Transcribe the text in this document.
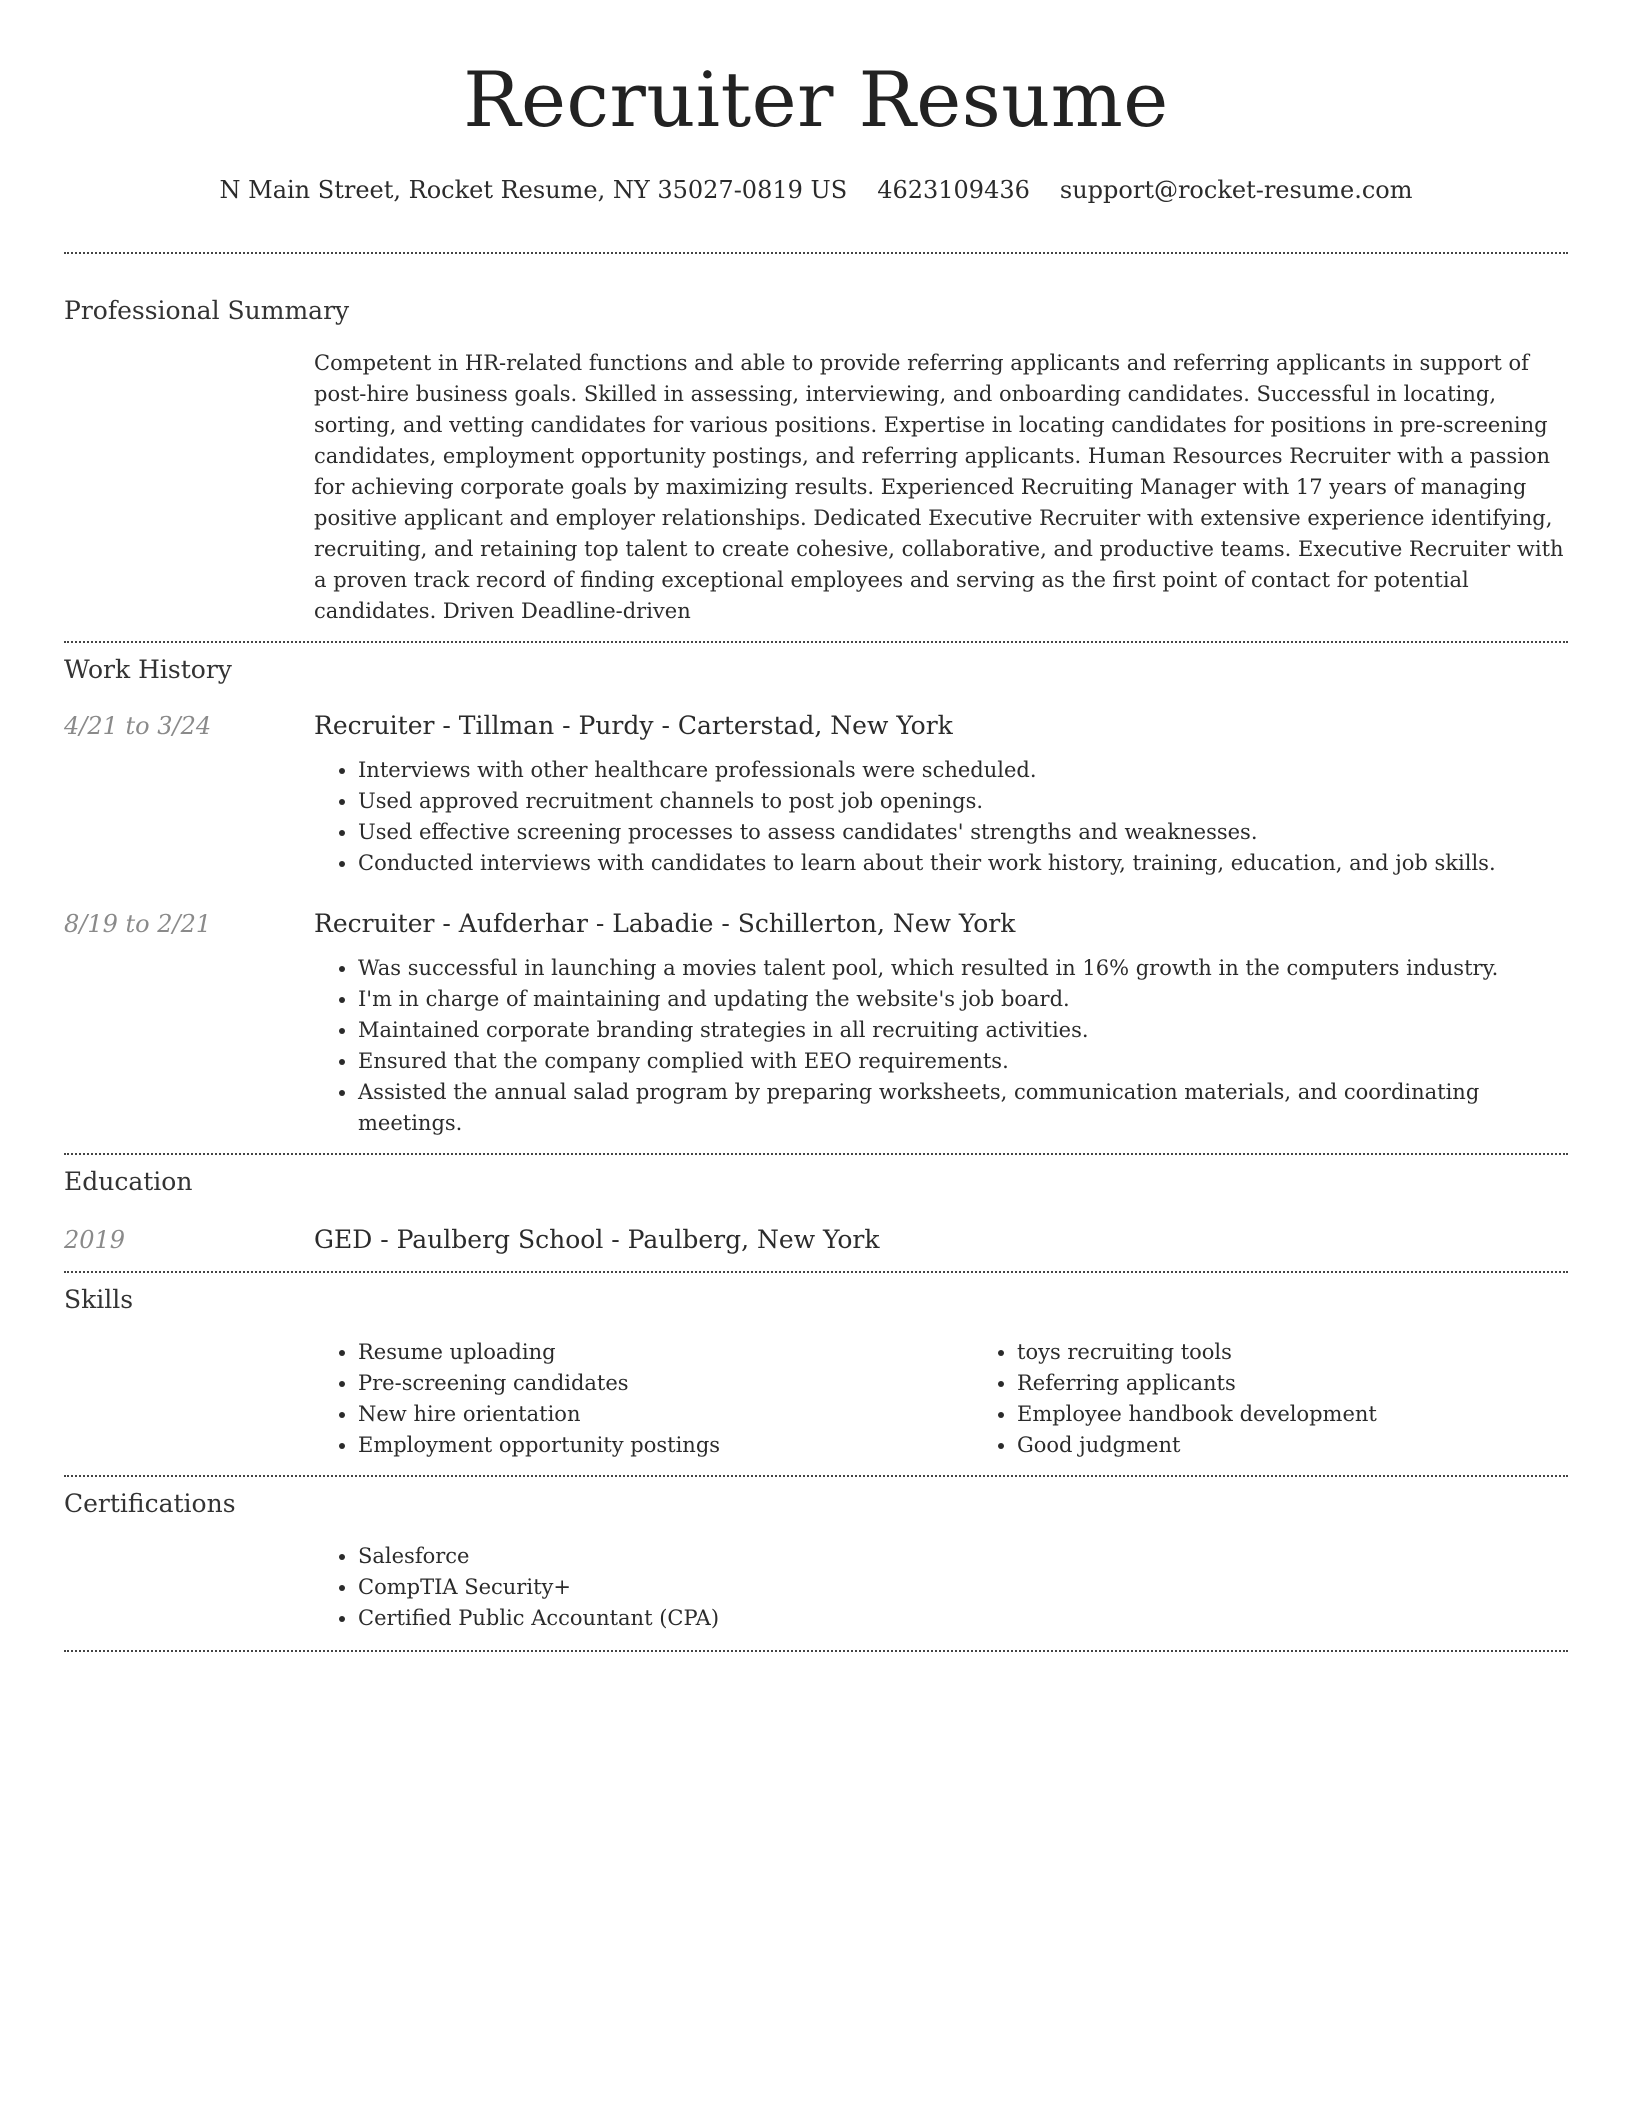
Recruiter Resume
N Main Street, Rocket Resume, NY 35027-0819 US 4623109436 support@rocket-resume.com
Professional Summary

Competent in HR-related functions and able to provide referring applicants and referring applicants in support of post-hire business goals. Skilled in assessing, interviewing, and onboarding candidates. Successful in locating, sorting, and vetting candidates for various positions. Expertise in locating candidates for positions in pre-screening candidates, employment opportunity postings, and referring applicants. Human Resources Recruiter with a passion for achieving corporate goals by maximizing results. Experienced Recruiting Manager with 17 years of managing positive applicant and employer relationships. Dedicated Executive Recruiter with extensive experience identifying, recruiting, and retaining top talent to create cohesive, collaborative, and productive teams. Executive Recruiter with a proven track record of finding exceptional employees and serving as the first point of contact for potential candidates. Driven Deadline-driven

Work History
4/21 to 3/24	Recruiter - Tillman - Purdy - Carterstad, New York
• Interviews with other healthcare professionals were scheduled.
• Used approved recruitment channels to post job openings.
• Used effective screening processes to assess candidates' strengths and weaknesses.
• Conducted interviews with candidates to learn about their work history, training, education, and job skills.
8/19 to 2/21	Recruiter - Aufderhar - Labadie - Schillerton, New York
• Was successful in launching a movies talent pool, which resulted in 16% growth in the computers industry.
• I'm in charge of maintaining and updating the website's job board.
• Maintained corporate branding strategies in all recruiting activities.
• Ensured that the company complied with EEO requirements.
• Assisted the annual salad program by preparing worksheets, communication materials, and coordinating meetings.
Education
2019	GED - Paulberg School - Paulberg, New York
Skills
• Resume uploading
• Pre-screening candidates
• New hire orientation
• Employment opportunity postings
• toys recruiting tools
• Referring applicants
• Employee handbook development
• Good judgment
Certifications
• Salesforce
• CompTIA Security+
• Certified Public Accountant (CPA)
